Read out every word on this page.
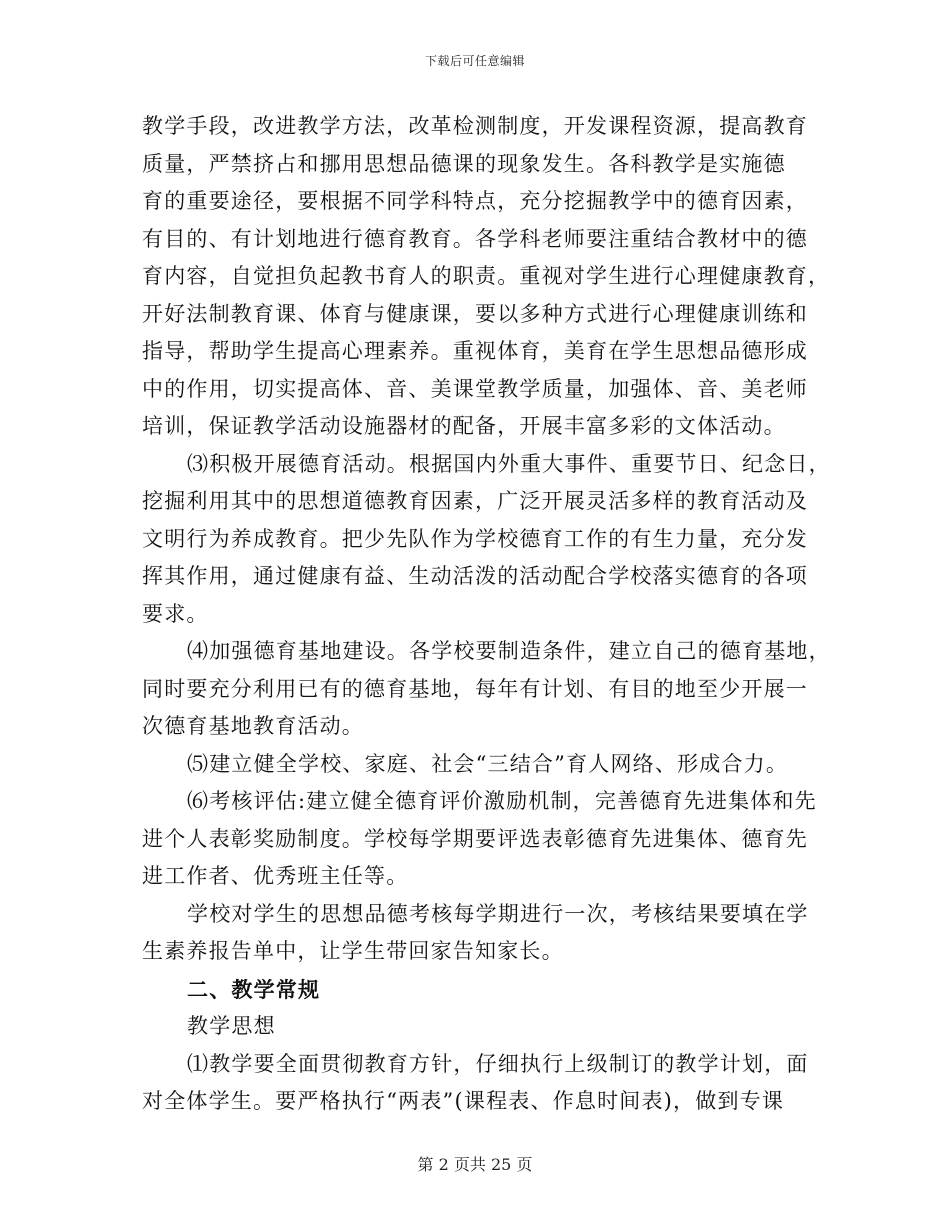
下载后可任意编辑
教学手段，改进教学方法，改革检测制度，开发课程资源，提高教育
质量，严禁挤占和挪用思想品德课的现象发生。各科教学是实施德
育的重要途径，要根据不同学科特点，充分挖掘教学中的德育因素，
有目的、有计划地进行德育教育。各学科老师要注重结合教材中的德
育内容，自觉担负起教书育人的职责。重视对学生进行心理健康教育，
开好法制教育课、体育与健康课，要以多种方式进行心理健康训练和
指导，帮助学生提高心理素养。重视体育，美育在学生思想品德形成
中的作用，切实提高体、音、美课堂教学质量，加强体、音、美老师
培训，保证教学活动设施器材的配备，开展丰富多彩的文体活动。
⑶积极开展德育活动。根据国内外重大事件、重要节日、纪念日，
挖掘利用其中的思想道德教育因素，广泛开展灵活多样的教育活动及
文明行为养成教育。把少先队作为学校德育工作的有生力量，充分发
挥其作用，通过健康有益、生动活泼的活动配合学校落实德育的各项
要求。
⑷加强德育基地建设。各学校要制造条件，建立自己的德育基地，
同时要充分利用已有的德育基地，每年有计划、有目的地至少开展一
次德育基地教育活动。
⑸建立健全学校、家庭、社会“三结合”育人网络、形成合力。
⑹考核评估:建立健全德育评价激励机制，完善德育先进集体和先
进个人表彰奖励制度。学校每学期要评选表彰德育先进集体、德育先
进工作者、优秀班主任等。
学校对学生的思想品德考核每学期进行一次，考核结果要填在学
生素养报告单中，让学生带回家告知家长。
二、教学常规
教学思想
⑴教学要全面贯彻教育方针，仔细执行上级制订的教学计划，面
对全体学生。要严格执行“两表”(课程表、作息时间表)，做到专课
第 2 页共 25 页
